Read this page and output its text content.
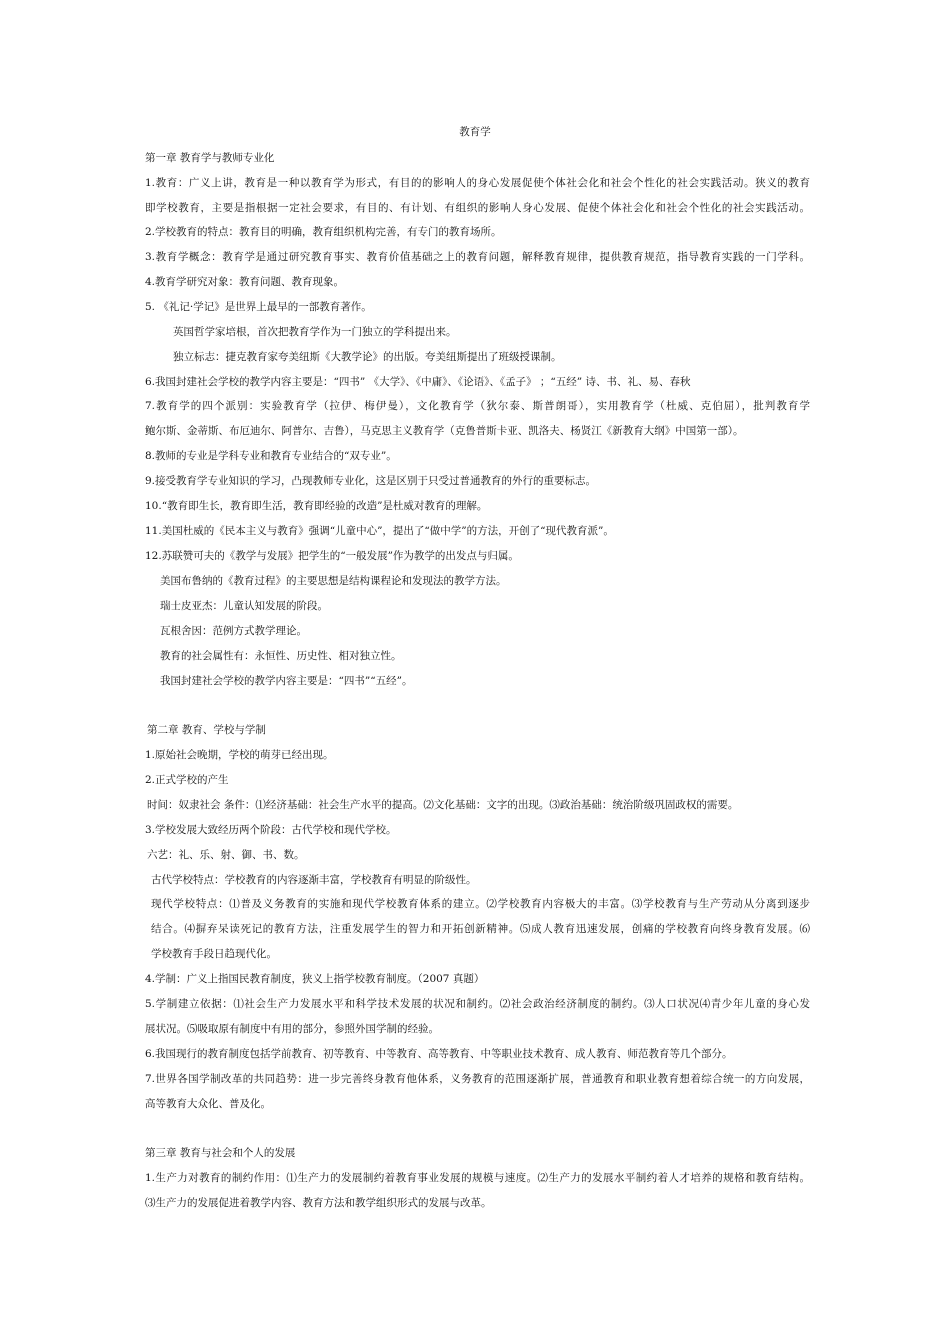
教育学
第一章 教育学与教师专业化
1.教育：广义上讲，教育是一种以教育学为形式，有目的的影响人的身心发展促使个体社会化和社会个性化的社会实践活动。狭义的教育
即学校教育，主要是指根据一定社会要求，有目的、有计划、有组织的影响人身心发展、促使个体社会化和社会个性化的社会实践活动。
2.学校教育的特点：教育目的明确，教育组织机构完善，有专门的教育场所。
3.教育学概念：教育学是通过研究教育事实、教育价值基础之上的教育问题，解释教育规律，提供教育规范，指导教育实践的一门学科。
4.教育学研究对象：教育问题、教育现象。
5. 《礼记·学记》是世界上最早的一部教育著作。
英国哲学家培根，首次把教育学作为一门独立的学科提出来。
独立标志：捷克教育家夸美纽斯《大教学论》的出版。夸美纽斯提出了班级授课制。
6.我国封建社会学校的教学内容主要是：“四书” 《大学》、《中庸》、《论语》、《孟子》 ；“五经” 诗、书、礼、易、春秋
7.教育学的四个派别：实验教育学（拉伊、梅伊曼），文化教育学（狄尔泰、斯普朗哥），实用教育学（杜威、克伯屈），批判教育学
鲍尔斯、金蒂斯、布厄迪尔、阿普尔、吉鲁），马克思主义教育学（克鲁普斯卡亚、凯洛夫、杨贤江《新教育大纲》中国第一部）。
8.教师的专业是学科专业和教育专业结合的“双专业”。
9.接受教育学专业知识的学习，凸现教师专业化，这是区别于只受过普通教育的外行的重要标志。
10.“教育即生长，教育即生活，教育即经验的改造”是杜威对教育的理解。
11.美国杜威的《民本主义与教育》强调“儿童中心”，提出了“做中学”的方法，开创了“现代教育派”。
12.苏联赞可夫的《教学与发展》把学生的“一般发展”作为教学的出发点与归属。
美国布鲁纳的《教育过程》的主要思想是结构课程论和发现法的教学方法。
瑞士皮亚杰：儿童认知发展的阶段。
瓦根舍因：范例方式教学理论。
教育的社会属性有：永恒性、历史性、相对独立性。
我国封建社会学校的教学内容主要是：“四书”“五经”。
第二章 教育、学校与学制
1.原始社会晚期，学校的萌芽已经出现。
2.正式学校的产生
时间：奴隶社会 条件：⑴经济基础：社会生产水平的提高。⑵文化基础：文字的出现。⑶政治基础：统治阶级巩固政权的需要。
3.学校发展大致经历两个阶段：古代学校和现代学校。
六艺：礼、乐、射、御、书、数。
古代学校特点：学校教育的内容逐渐丰富，学校教育有明显的阶级性。
现代学校特点：⑴普及义务教育的实施和现代学校教育体系的建立。⑵学校教育内容极大的丰富。⑶学校教育与生产劳动从分离到逐步
结合。⑷摒弃呆读死记的教育方法，注重发展学生的智力和开拓创新精神。⑸成人教育迅速发展，创痛的学校教育向终身教育发展。⑹
学校教育手段日趋现代化。
4.学制：广义上指国民教育制度，狭义上指学校教育制度。（2007 真题）
5.学制建立依据：⑴社会生产力发展水平和科学技术发展的状况和制约。⑵社会政治经济制度的制约。⑶人口状况⑷青少年儿童的身心发
展状况。⑸吸取原有制度中有用的部分，参照外国学制的经验。
6.我国现行的教育制度包括学前教育、初等教育、中等教育、高等教育、中等职业技术教育、成人教育、师范教育等几个部分。
7.世界各国学制改革的共同趋势：进一步完善终身教育他体系，义务教育的范围逐渐扩展，普通教育和职业教育想着综合统一的方向发展，
高等教育大众化、普及化。
第三章 教育与社会和个人的发展
1.生产力对教育的制约作用：⑴生产力的发展制约着教育事业发展的规模与速度。⑵生产力的发展水平制约着人才培养的规格和教育结构。
⑶生产力的发展促进着教学内容、教育方法和教学组织形式的发展与改革。
